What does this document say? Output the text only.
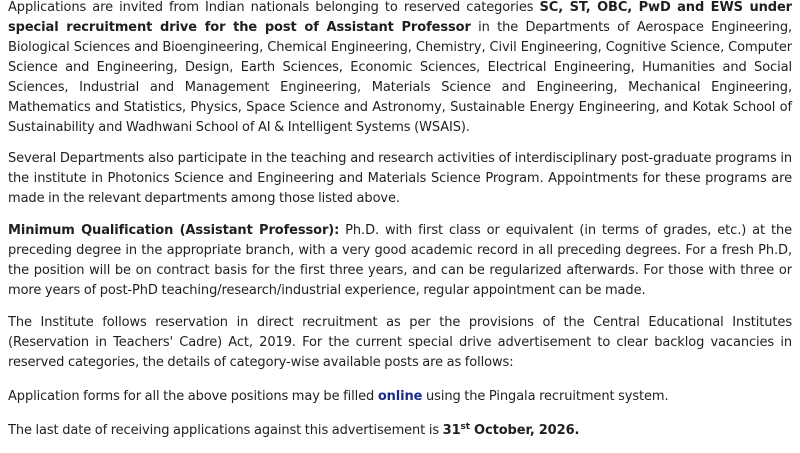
Applications are invited from Indian nationals belonging to reserved categories SC, ST, OBC, PwD and EWS under special recruitment drive for the post of Assistant Professor in the Departments of Aerospace Engineering, Biological Sciences and Bioengineering, Chemical Engineering, Chemistry, Civil Engineering, Cognitive Science, Computer Science and Engineering, Design, Earth Sciences, Economic Sciences, Electrical Engineering, Humanities and Social Sciences, Industrial and Management Engineering, Materials Science and Engineering, Mechanical Engineering, Mathematics and Statistics, Physics, Space Science and Astronomy, Sustainable Energy Engineering, and Kotak School of Sustainability and Wadhwani School of AI & Intelligent Systems (WSAIS).

Several Departments also participate in the teaching and research activities of interdisciplinary post-graduate programs in the institute in Photonics Science and Engineering and Materials Science Program. Appointments for these programs are made in the relevant departments among those listed above.

Minimum Qualification (Assistant Professor): Ph.D. with first class or equivalent (in terms of grades, etc.) at the preceding degree in the appropriate branch, with a very good academic record in all preceding degrees. For a fresh Ph.D, the position will be on contract basis for the first three years, and can be regularized afterwards. For those with three or more years of post-PhD teaching/research/industrial experience, regular appointment can be made.

The Institute follows reservation in direct recruitment as per the provisions of the Central Educational Institutes (Reservation in Teachers' Cadre) Act, 2019. For the current special drive advertisement to clear backlog vacancies in reserved categories, the details of category-wise available posts are as follows:

Application forms for all the above positions may be filled online using the Pingala recruitment system.

The last date of receiving applications against this advertisement is 31st October, 2026.
